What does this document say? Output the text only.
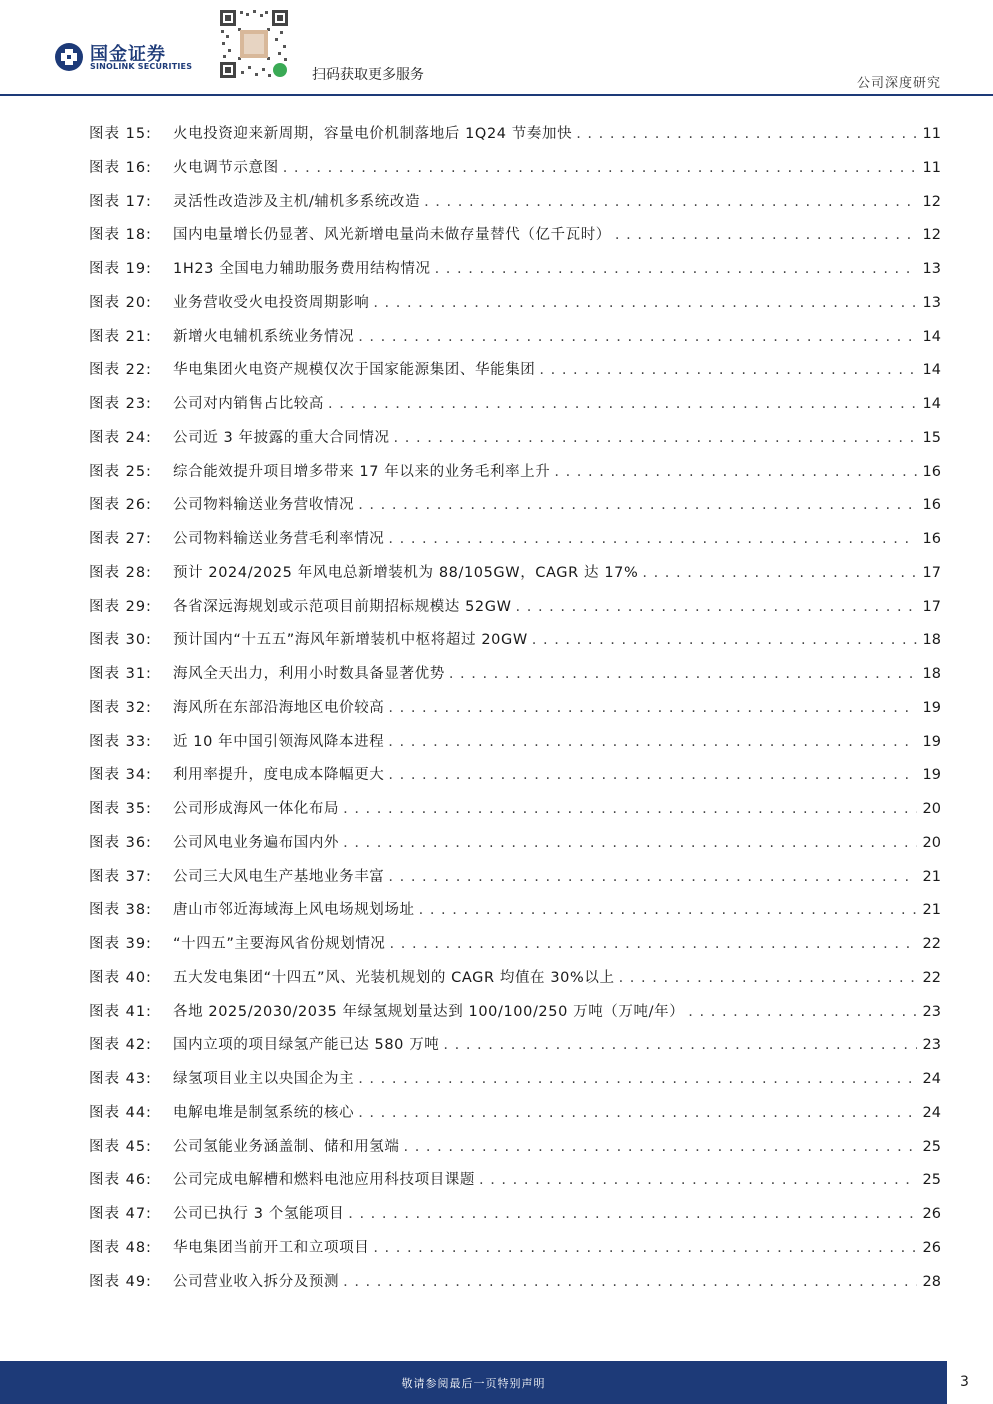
国金证券
SINOLINK SECURITIES
扫码获取更多服务
公司深度研究
图表 15:	火电投资迎来新周期，容量电价机制落地后 1Q24 节奏加快 . . .	11
图表 16:	火电调节示意图 . . .	11
图表 17:	灵活性改造涉及主机/辅机多系统改造 . . .	12
图表 18:	国内电量增长仍显著、风光新增电量尚未做存量替代（亿千瓦时） . . .	12
图表 19:	1H23 全国电力辅助服务费用结构情况 . . .	13
图表 20:	业务营收受火电投资周期影响 . . .	13
图表 21:	新增火电辅机系统业务情况 . . .	14
图表 22:	华电集团火电资产规模仅次于国家能源集团、华能集团 . . .	14
图表 23:	公司对内销售占比较高 . . .	14
图表 24:	公司近 3 年披露的重大合同情况 . . .	15
图表 25:	综合能效提升项目增多带来 17 年以来的业务毛利率上升 . . .	16
图表 26:	公司物料输送业务营收情况 . . .	16
图表 27:	公司物料输送业务营毛利率情况 . . .	16
图表 28:	预计 2024/2025 年风电总新增装机为 88/105GW，CAGR 达 17% . . .	17
图表 29:	各省深远海规划或示范项目前期招标规模达 52GW . . .	17
图表 30:	预计国内“十五五”海风年新增装机中枢将超过 20GW . . .	18
图表 31:	海风全天出力，利用小时数具备显著优势 . . .	18
图表 32:	海风所在东部沿海地区电价较高 . . .	19
图表 33:	近 10 年中国引领海风降本进程 . . .	19
图表 34:	利用率提升，度电成本降幅更大 . . .	19
图表 35:	公司形成海风一体化布局 . . .	20
图表 36:	公司风电业务遍布国内外 . . .	20
图表 37:	公司三大风电生产基地业务丰富 . . .	21
图表 38:	唐山市邻近海域海上风电场规划场址 . . .	21
图表 39:	“十四五”主要海风省份规划情况 . . .	22
图表 40:	五大发电集团“十四五”风、光装机规划的 CAGR 均值在 30%以上 . . .	22
图表 41:	各地 2025/2030/2035 年绿氢规划量达到 100/100/250 万吨（万吨/年） . . .	23
图表 42:	国内立项的项目绿氢产能已达 580 万吨 . . .	23
图表 43:	绿氢项目业主以央国企为主 . . .	24
图表 44:	电解电堆是制氢系统的核心 . . .	24
图表 45:	公司氢能业务涵盖制、储和用氢端 . . .	25
图表 46:	公司完成电解槽和燃料电池应用科技项目课题 . . .	25
图表 47:	公司已执行 3 个氢能项目 . . .	26
图表 48:	华电集团当前开工和立项项目 . . .	26
图表 49:	公司营业收入拆分及预测 . . .	28
敬请参阅最后一页特别声明	3
